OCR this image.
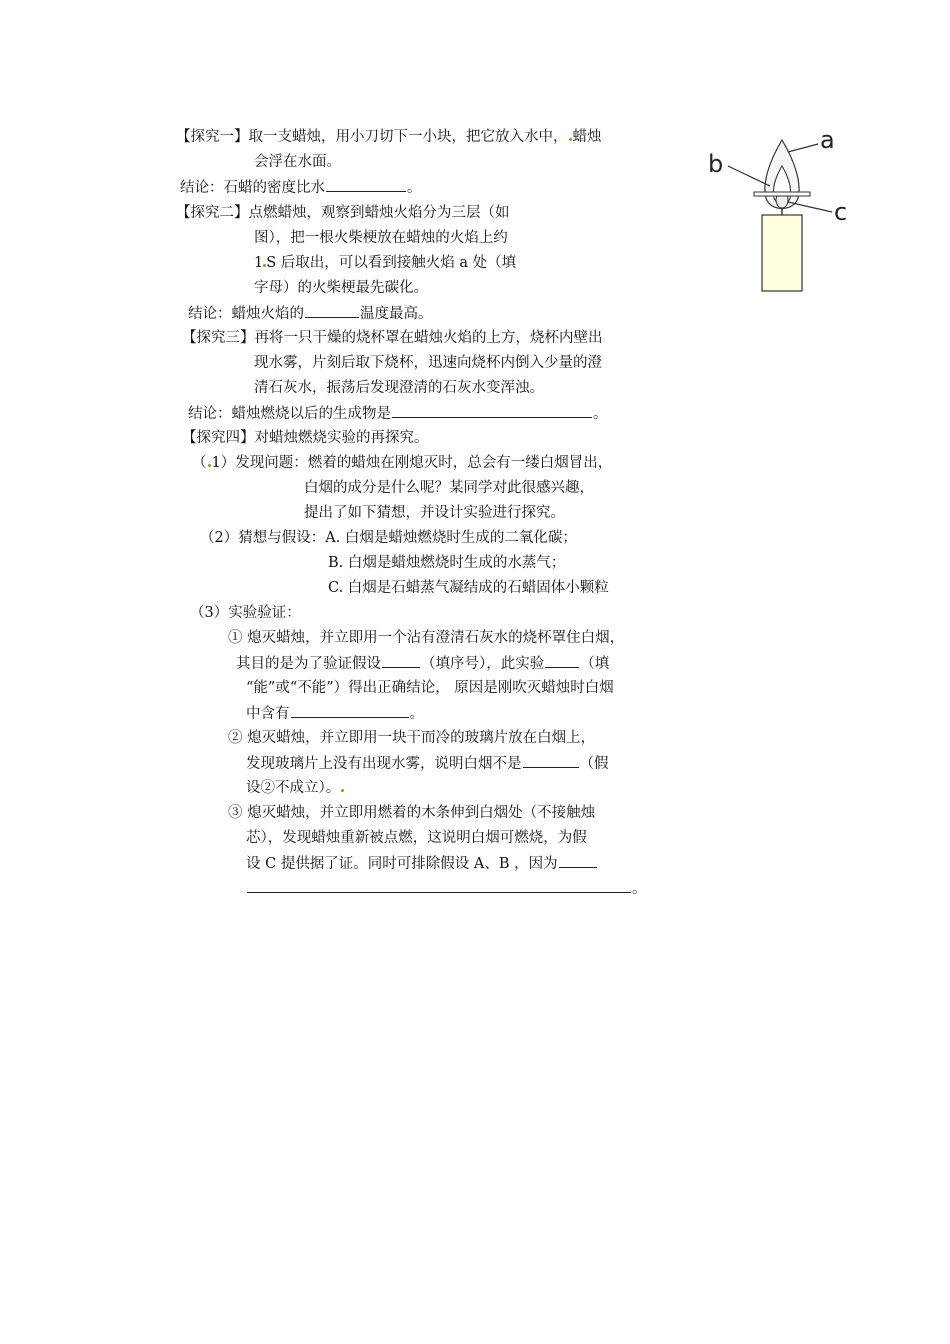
【探究一】取一支蜡烛，用小刀切下一小块，把它放入水中， 蜡烛
会浮在水面。
结论：石蜡的密度比水	。
【探究二】点燃蜡烛，观察到蜡烛火焰分为三层（如
图），把一根火柴梗放在蜡烛的火焰上约
1 S 后取出，可以看到接触火焰 a 处（填
字母）的火柴梗最先碳化。
结论：蜡烛火焰的	温度最高。
【探究三】再将一只干燥的烧杯罩在蜡烛火焰的上方，烧杯内壁出
现水雾，片刻后取下烧杯，迅速向烧杯内倒入少量的澄
清石灰水，振荡后发现澄清的石灰水变浑浊。
结论：蜡烛燃烧以后的生成物是	。
【探究四】对蜡烛燃烧实验的再探究。
（ 1）发现问题：燃着的蜡烛在刚熄灭时，总会有一缕白烟冒出，
白烟的成分是什么呢？某同学对此很感兴趣，
提出了如下猜想，并设计实验进行探究。
（2）猜想与假设：A. 白烟是蜡烛燃烧时生成的二氧化碳；
B. 白烟是蜡烛燃烧时生成的水蒸气；
C. 白烟是石蜡蒸气凝结成的石蜡固体小颗粒
（3）实验验证：
① 熄灭蜡烛，并立即用一个沾有澄清石灰水的烧杯罩住白烟，
其目的是为了验证假设	（填序号），此实验 （填
“能”或“不能”）得出正确结论， 原因是刚吹灭蜡烛时白烟
中含有	。
② 熄灭蜡烛，并立即用一块干而冷的玻璃片放在白烟上，
发现玻璃片上没有出现水雾，说明白烟不是	（假
设②不成立）。
③ 熄灭蜡烛，并立即用燃着的木条伸到白烟处（不接触烛
芯），发现蜡烛重新被点燃，这说明白烟可燃烧，为假
设 C 提供据了证。同时可排除假设 A、B ，因为
。
a
b
c
